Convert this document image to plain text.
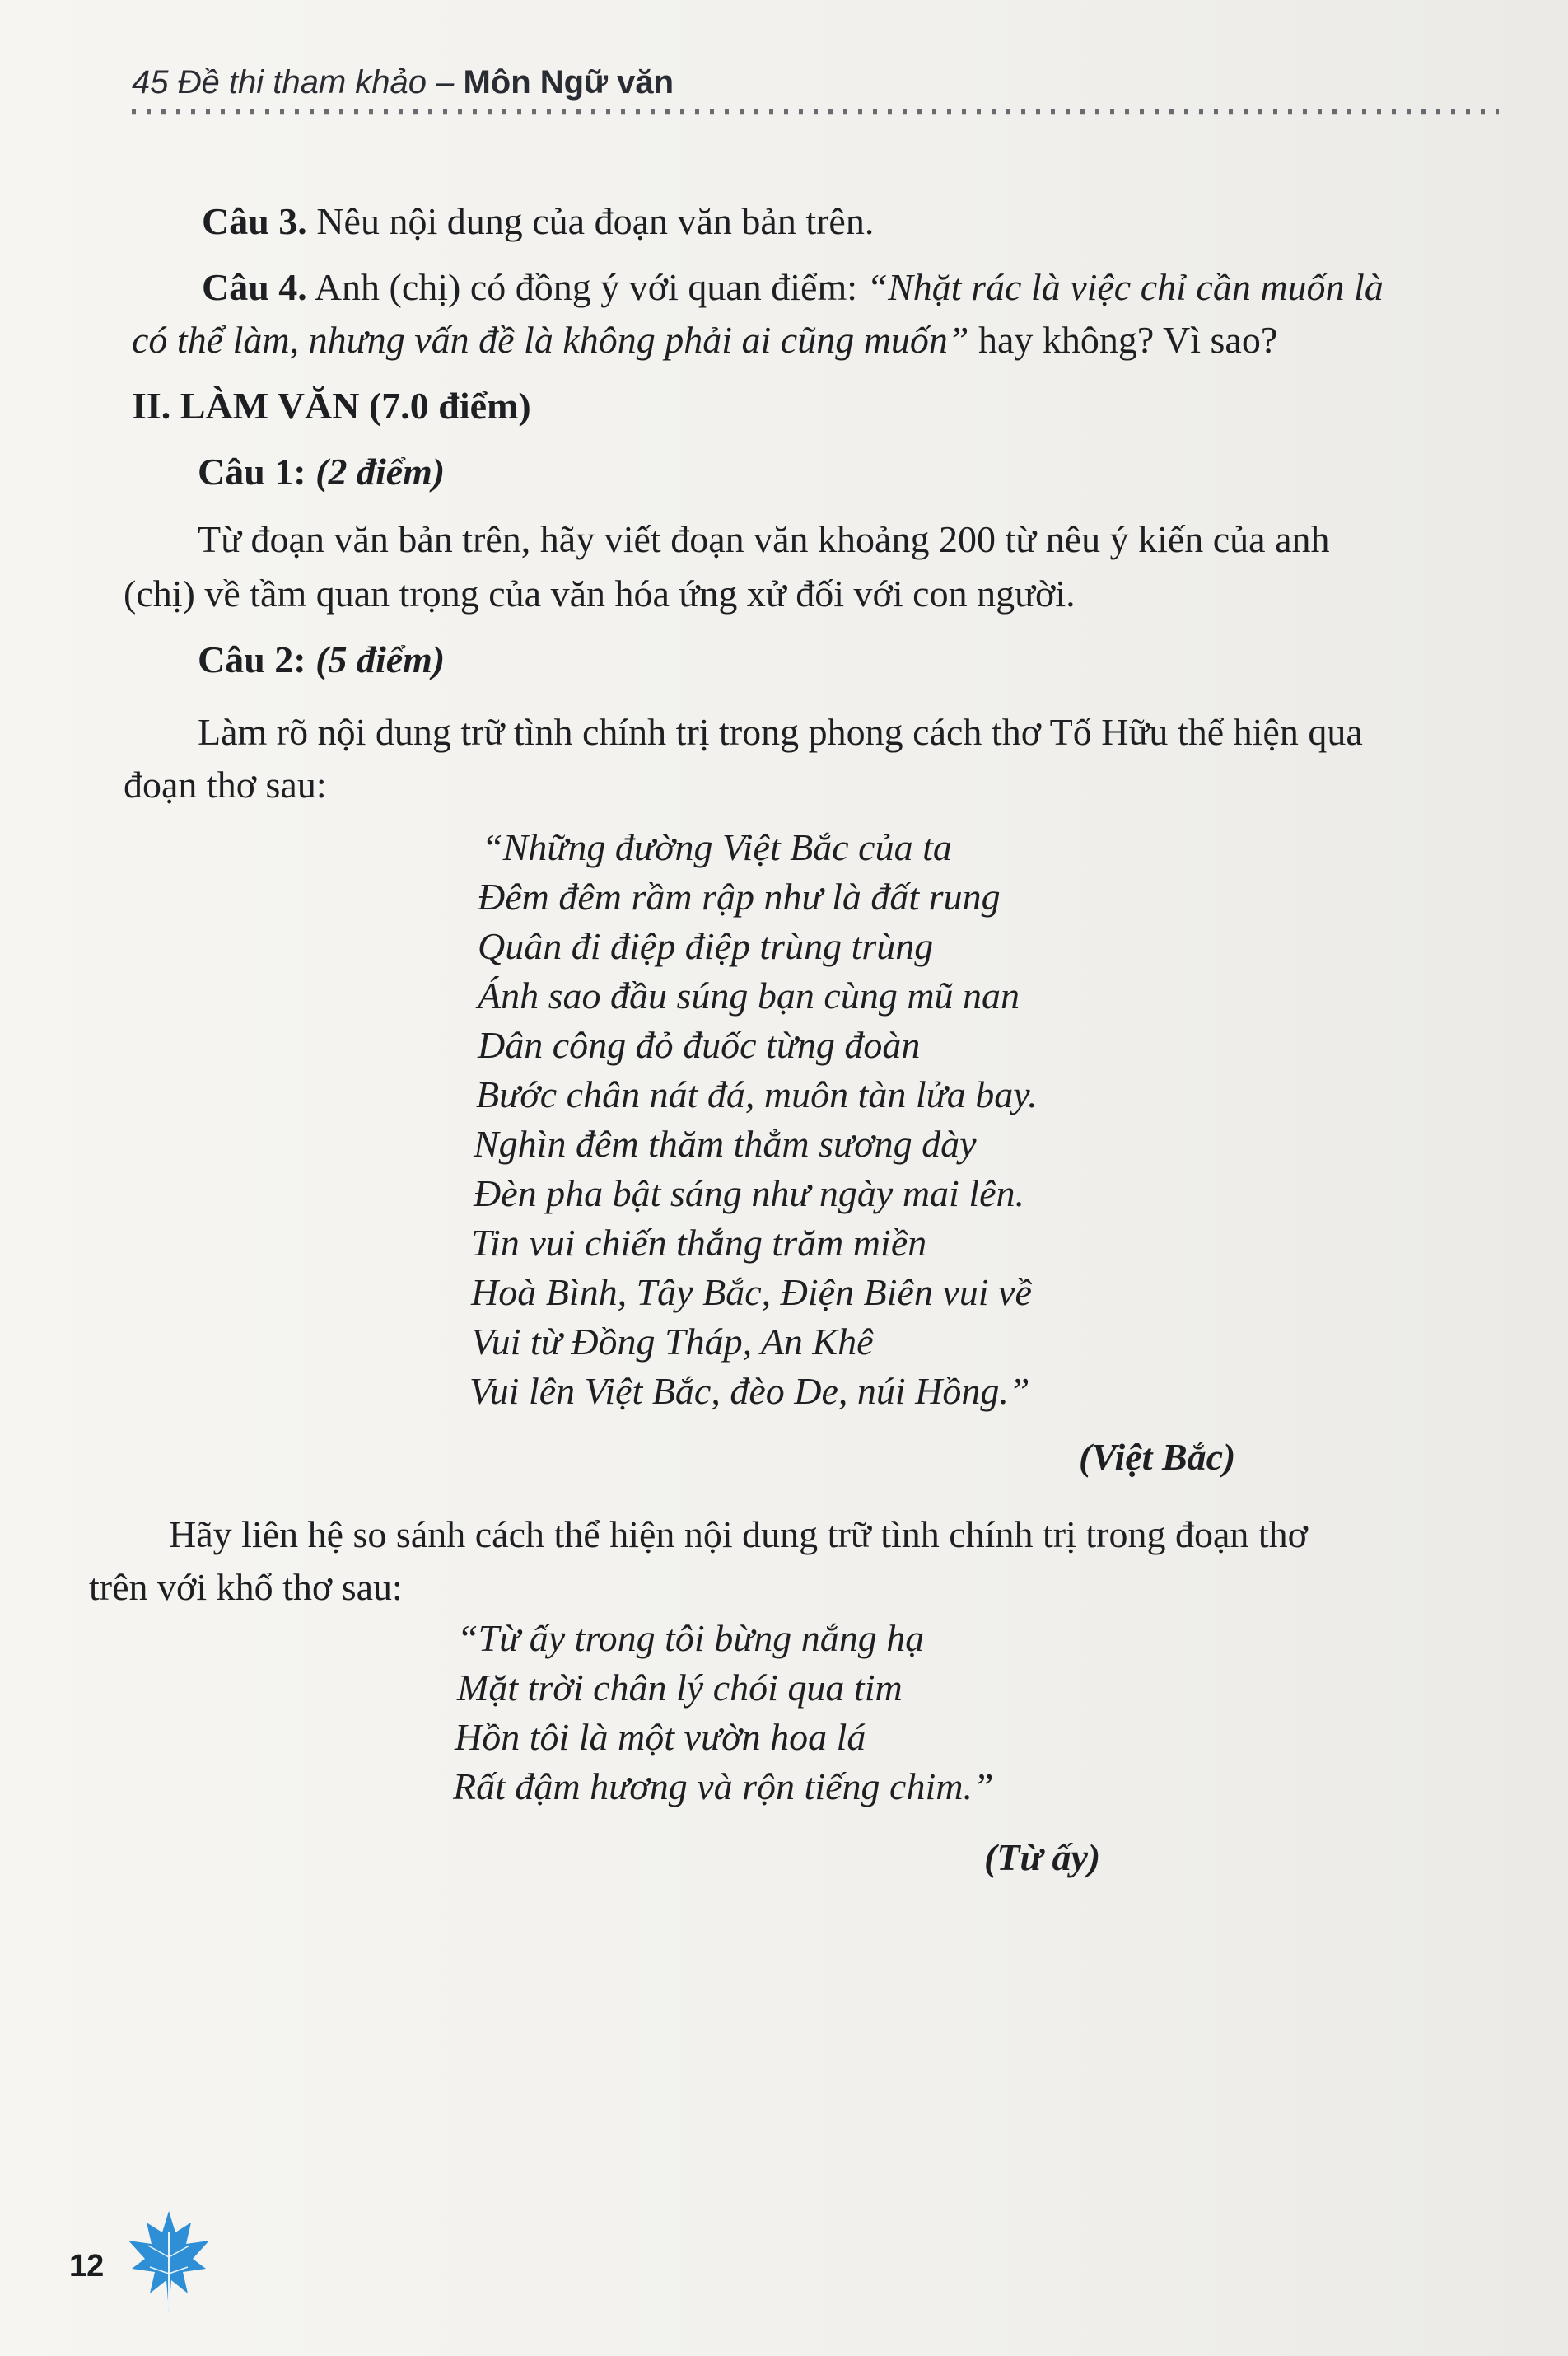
45 Đề thi tham khảo – Môn Ngữ văn
Câu 3. Nêu nội dung của đoạn văn bản trên.
Câu 4. Anh (chị) có đồng ý với quan điểm: “Nhặt rác là việc chỉ cần muốn là
có thể làm, nhưng vấn đề là không phải ai cũng muốn” hay không? Vì sao?
II. LÀM VĂN (7.0 điểm)
Câu 1: (2 điểm)
Từ đoạn văn bản trên, hãy viết đoạn văn khoảng 200 từ nêu ý kiến của anh
(chị) về tầm quan trọng của văn hóa ứng xử đối với con người.
Câu 2: (5 điểm)
Làm rõ nội dung trữ tình chính trị trong phong cách thơ Tố Hữu thể hiện qua
đoạn thơ sau:
“Những đường Việt Bắc của ta
Đêm đêm rầm rập như là đất rung
Quân đi điệp điệp trùng trùng
Ánh sao đầu súng bạn cùng mũ nan
Dân công đỏ đuốc từng đoàn
Bước chân nát đá, muôn tàn lửa bay.
Nghìn đêm thăm thẳm sương dày
Đèn pha bật sáng như ngày mai lên.
Tin vui chiến thắng trăm miền
Hoà Bình, Tây Bắc, Điện Biên vui về
Vui từ Đồng Tháp, An Khê
Vui lên Việt Bắc, đèo De, núi Hồng.”
(Việt Bắc)
Hãy liên hệ so sánh cách thể hiện nội dung trữ tình chính trị trong đoạn thơ
trên với khổ thơ sau:
“Từ ấy trong tôi bừng nắng hạ
Mặt trời chân lý chói qua tim
Hồn tôi là một vườn hoa lá
Rất đậm hương và rộn tiếng chim.”
(Từ ấy)
12
